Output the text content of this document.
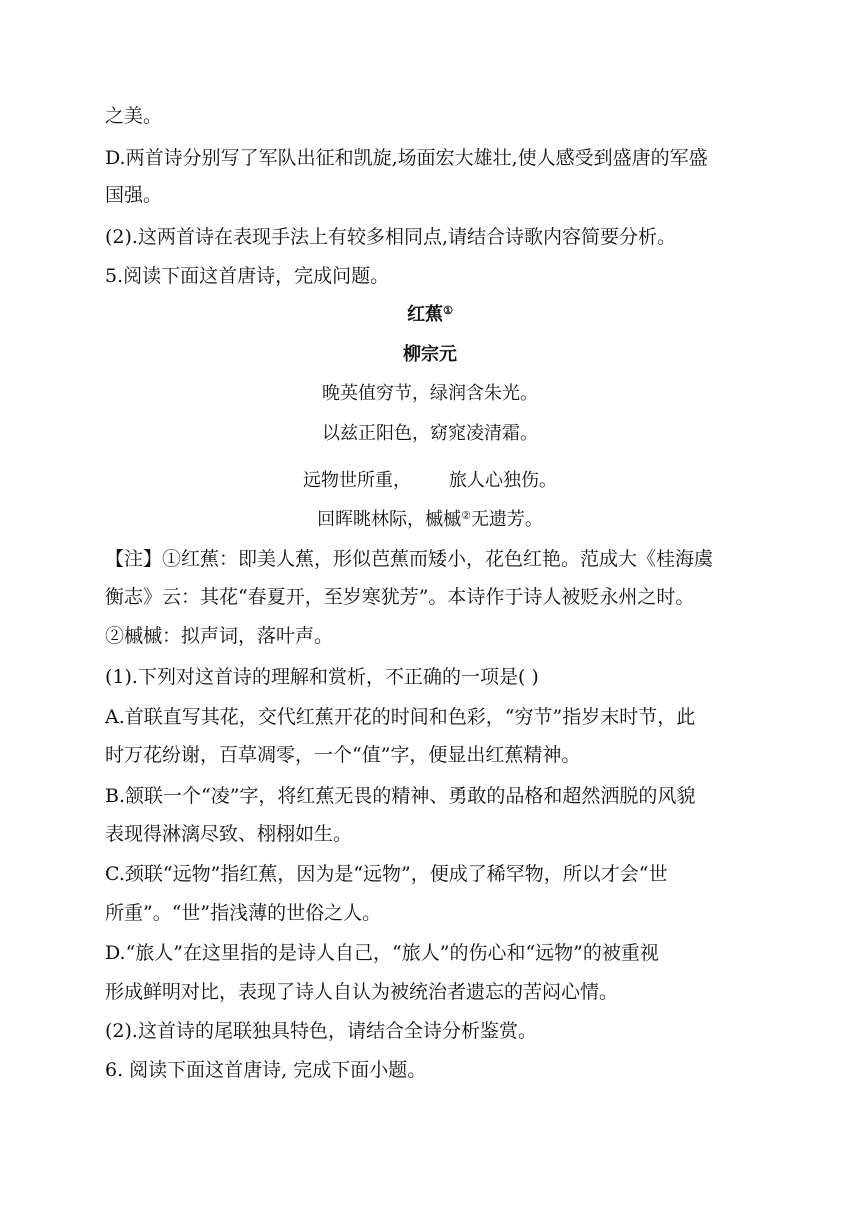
之美。
D.两首诗分别写了军队出征和凯旋,场面宏大雄壮,使人感受到盛唐的军盛
国强。
(2).这两首诗在表现手法上有较多相同点,请结合诗歌内容简要分析。
5.阅读下面这首唐诗，完成问题。
红蕉①
柳宗元
晚英值穷节，绿润含朱光。
以兹正阳色，窈窕凌清霜。
远物世所重， 旅人心独伤。
回晖眺林际，槭槭②无遗芳。
【注】①红蕉：即美人蕉，形似芭蕉而矮小，花色红艳。范成大《桂海虞
衡志》云：其花“春夏开，至岁寒犹芳”。本诗作于诗人被贬永州之时。
②槭槭：拟声词，落叶声。
(1).下列对这首诗的理解和赏析，不正确的一项是( )
A.首联直写其花，交代红蕉开花的时间和色彩，“穷节”指岁末时节，此
时万花纷谢，百草凋零，一个“值”字，便显出红蕉精神。
B.颔联一个“凌”字，将红蕉无畏的精神、勇敢的品格和超然洒脱的风貌
表现得淋漓尽致、栩栩如生。
C.颈联“远物”指红蕉，因为是“远物”，便成了稀罕物，所以才会“世
所重”。“世”指浅薄的世俗之人。
D.“旅人”在这里指的是诗人自己，“旅人”的伤心和“远物”的被重视
形成鲜明对比，表现了诗人自认为被统治者遗忘的苦闷心情。
(2).这首诗的尾联独具特色，请结合全诗分析鉴赏。
6. 阅读下面这首唐诗, 完成下面小题。
